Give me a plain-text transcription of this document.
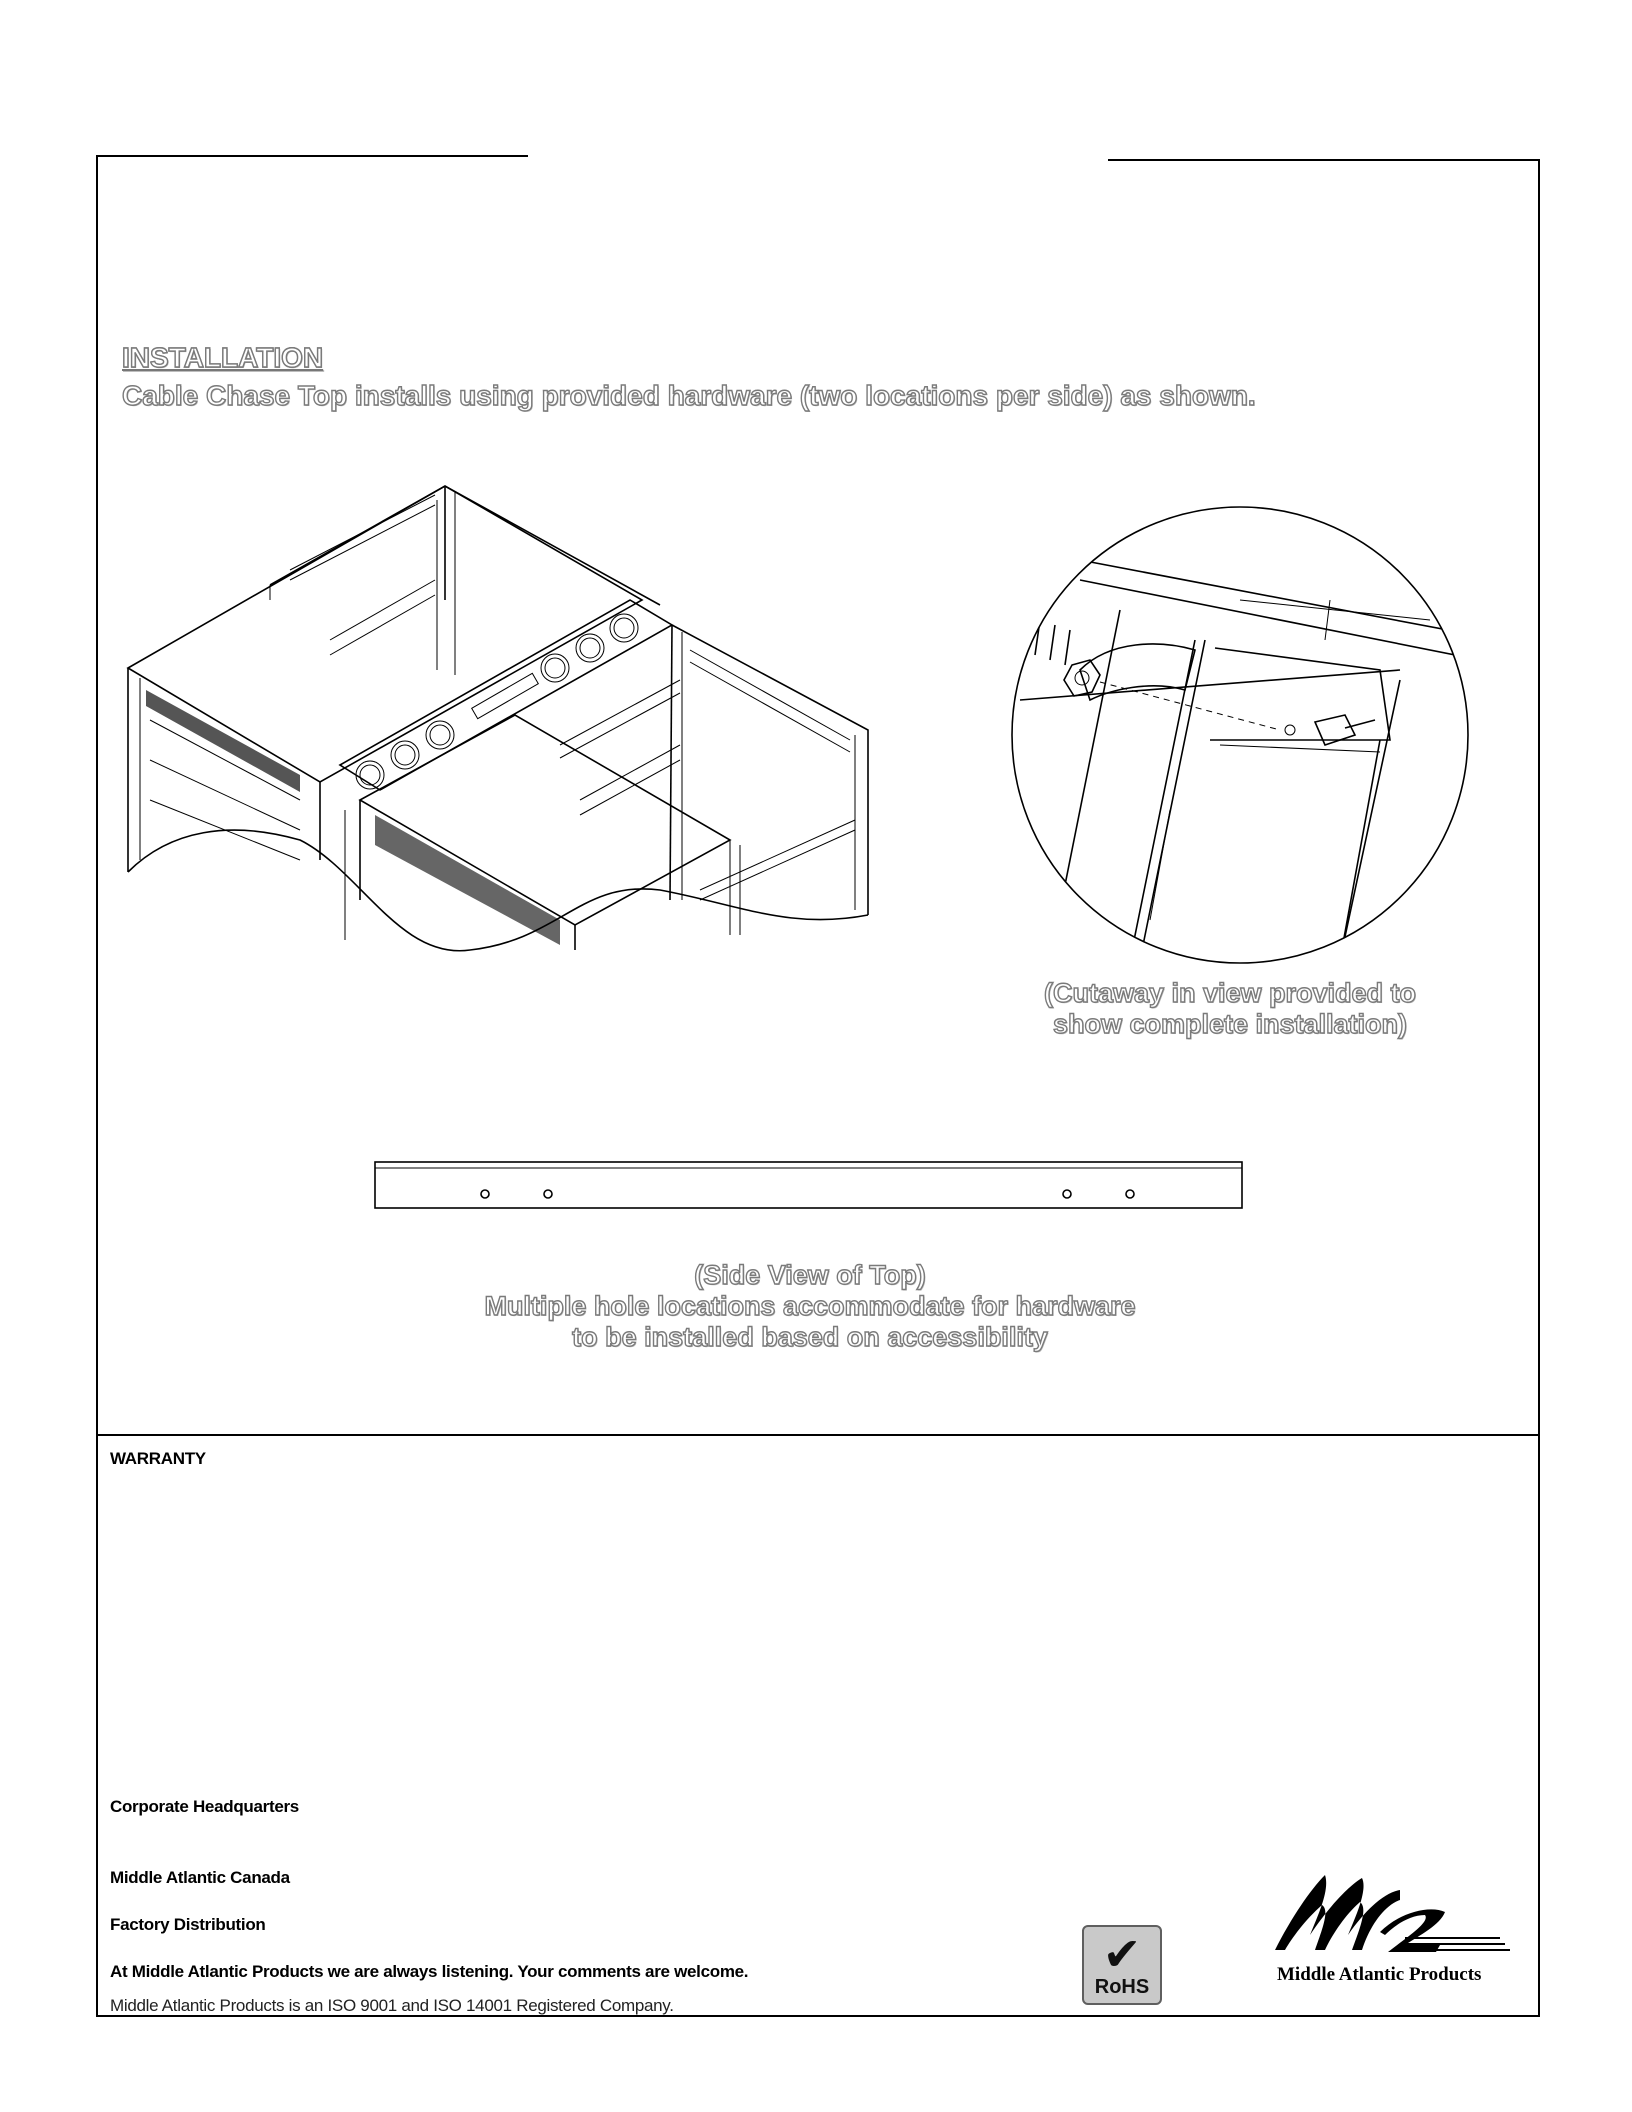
INSTALLATION
Cable Chase Top installs using provided hardware (two locations per side) as shown.
(Cutaway in view provided to
show complete installation)
(Side View of Top)
Multiple hole locations accommodate for hardware
to be installed based on accessibility
WARRANTY
Corporate Headquarters
Middle Atlantic Canada
Factory Distribution
At Middle Atlantic Products we are always listening. Your comments are welcome.
Middle Atlantic Products is an ISO 9001 and ISO 14001 Registered Company.
✔
RoHS
Middle Atlantic Products
